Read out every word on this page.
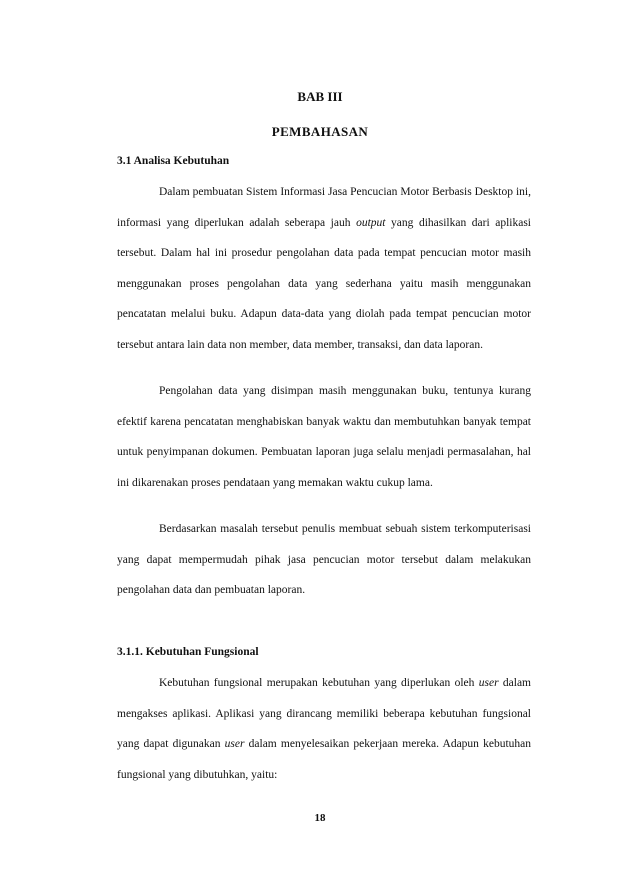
BAB III
PEMBAHASAN
3.1 Analisa Kebutuhan

Dalam pembuatan Sistem Informasi Jasa Pencucian Motor Berbasis Desktop ini, informasi yang diperlukan adalah seberapa jauh output yang dihasilkan dari aplikasi tersebut. Dalam hal ini prosedur pengolahan data pada tempat pencucian motor masih menggunakan proses pengolahan data yang sederhana yaitu masih menggunakan pencatatan melalui buku. Adapun data-data yang diolah pada tempat pencucian motor tersebut antara lain data non member, data member, transaksi, dan data laporan.

Pengolahan data yang disimpan masih menggunakan buku, tentunya kurang efektif karena pencatatan menghabiskan banyak waktu dan membutuhkan banyak tempat untuk penyimpanan dokumen. Pembuatan laporan juga selalu menjadi permasalahan, hal ini dikarenakan proses pendataan yang memakan waktu cukup lama.

Berdasarkan masalah tersebut penulis membuat sebuah sistem terkomputerisasi yang dapat mempermudah pihak jasa pencucian motor tersebut dalam melakukan pengolahan data dan pembuatan laporan.

3.1.1. Kebutuhan Fungsional

Kebutuhan fungsional merupakan kebutuhan yang diperlukan oleh user dalam mengakses aplikasi. Aplikasi yang dirancang memiliki beberapa kebutuhan fungsional yang dapat digunakan user dalam menyelesaikan pekerjaan mereka. Adapun kebutuhan fungsional yang dibutuhkan, yaitu:

18
